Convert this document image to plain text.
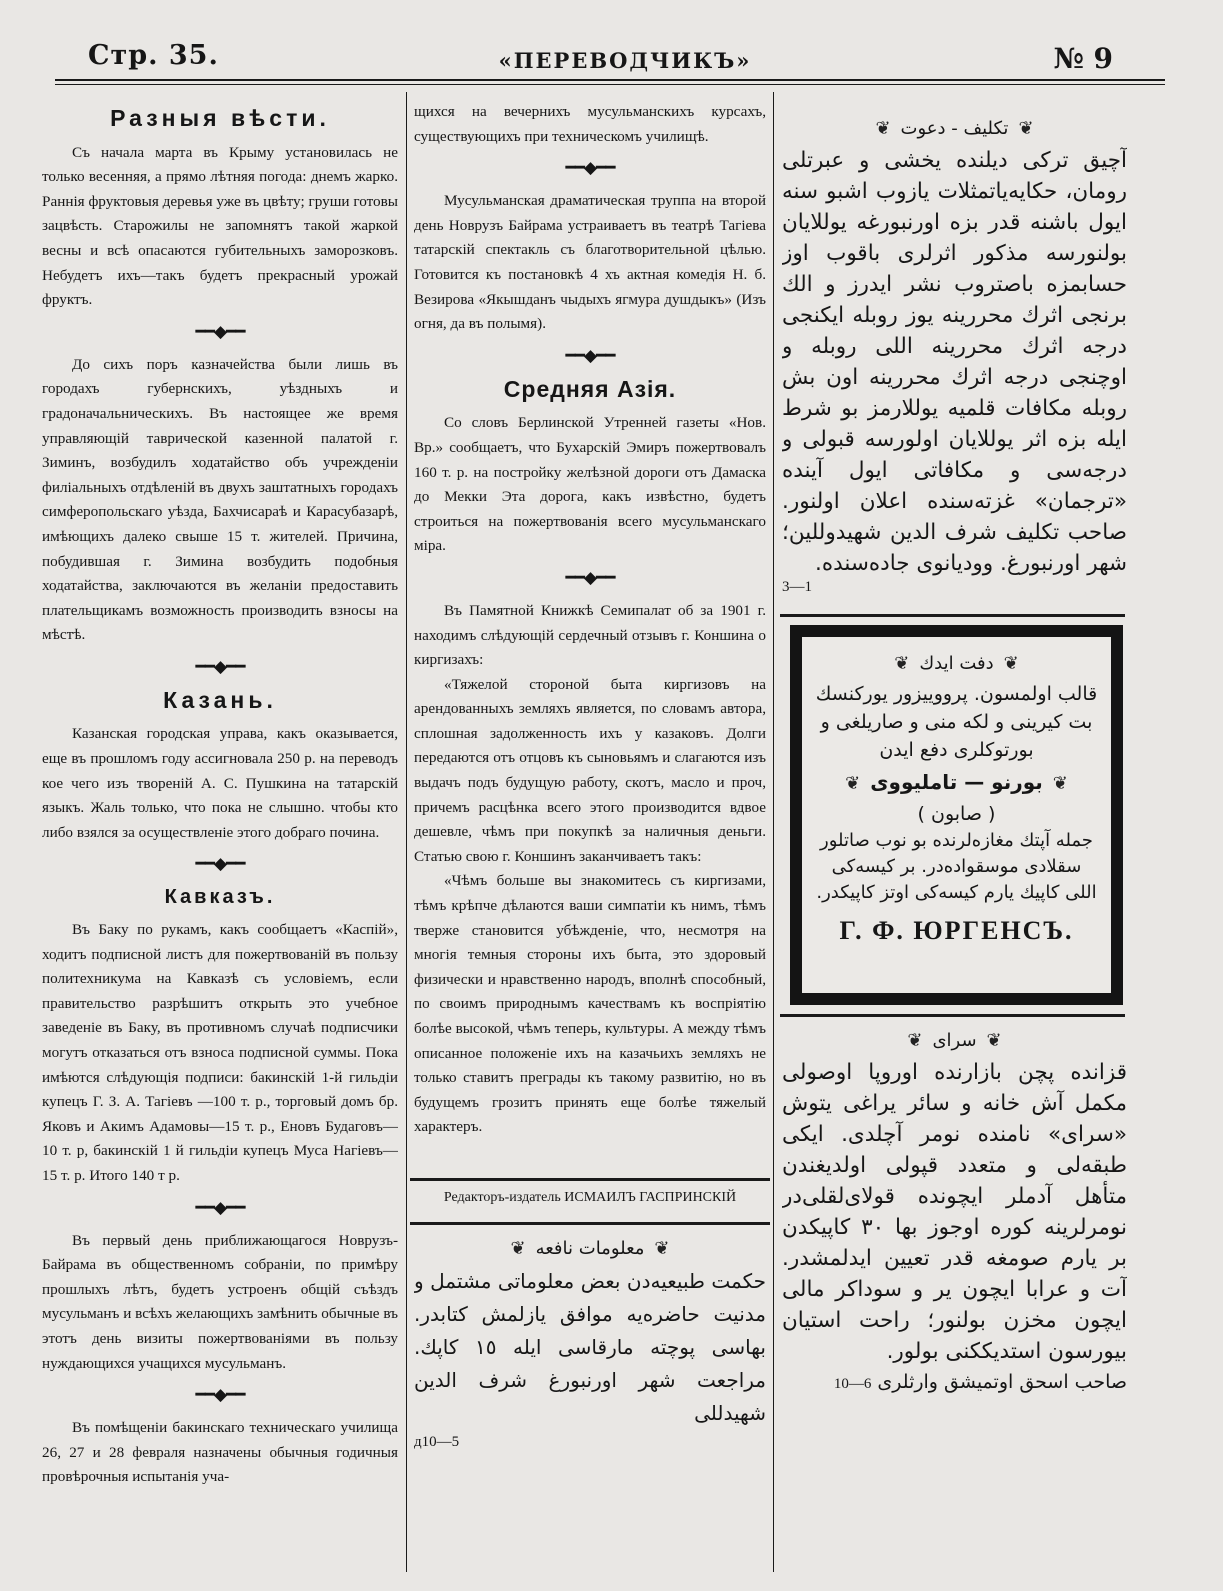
Стр. 35.	«ПЕРЕВОДЧИКЪ»	№ 9
Разныя вѣсти.

Съ начала марта въ Крыму установилась не только весенняя, а прямо лѣтняя погода: днемъ жарко. Раннія фруктовыя деревья уже въ цвѣту; груши готовы зацвѣсть. Старожилы не запомнятъ такой жаркой весны и всѣ опасаются губительныхъ заморозковъ. Небудетъ ихъ—такъ будетъ прекрасный урожай фруктъ.

━━◆━━

До сихъ поръ казначейства были лишь въ городахъ губернскихъ, уѣздныхъ и градоначальническихъ. Въ настоящее же время управляющій таврической казенной палатой г. Зиминъ, возбудилъ ходатайство объ учрежденіи филіальныхъ отдѣленій въ двухъ заштатныхъ городахъ симферопольскаго уѣзда, Бахчисараѣ и Карасубазарѣ, имѣющихъ далеко свыше 15 т. жителей. Причина, побудившая г. Зимина возбудить подобныя ходатайства, заключаются въ желаніи предоставить плательщикамъ возможность производить взносы на мѣстѣ.

━━◆━━
Казань.

Казанская городская управа, какъ оказывается, еще въ прошломъ году ассигновала 250 р. на переводъ кое чего изъ твореній А. С. Пушкина на татарскій языкъ. Жаль только, что пока не слышно. чтобы кто либо взялся за осуществленіе этого добраго почина.

━━◆━━
Кавказъ.

Въ Баку по рукамъ, какъ сообщаетъ «Каспій», ходитъ подписной листъ для пожертвованій въ пользу политехникума на Кавказѣ съ условіемъ, если правительство разрѣшитъ открыть это учебное заведеніе въ Баку, въ противномъ случаѣ подписчики могутъ отказаться отъ взноса подписной суммы. Пока имѣются слѣдующія подписи: бакинскій 1-й гильдіи купецъ Г. З. А. Тагіевъ —100 т. р., торговый домъ бр. Яковъ и Акимъ Адамовы—15 т. р., Еновъ Будаговъ—10 т. р, бакинскій 1 й гильдіи купецъ Муса Нагіевъ—15 т. р. Итого 140 т р.

━━◆━━

Въ первый день приближающагося Новрузъ-Байрама въ общественномъ собраніи, по примѣру прошлыхъ лѣтъ, будетъ устроенъ общій съѣздъ мусульманъ и всѣхъ желающихъ замѣнить обычные въ этотъ день визиты пожертвованіями въ пользу нуждающихся учащихся мусульманъ.

━━◆━━

Въ помѣщеніи бакинскаго техническаго училища 26, 27 и 28 февраля назначены обычныя годичныя провѣрочныя испытанія уча-

щихся на вечернихъ мусульманскихъ курсахъ, существующихъ при техническомъ училищѣ.

━━◆━━

Мусульманская драматическая труппа на второй день Новрузъ Байрама устраиваетъ въ театрѣ Тагіева татарскій спектакль съ благотворительной цѣлью. Готовится къ постановкѣ 4 хъ актная комедія Н. б. Везирова «Якышданъ чыдыхъ ягмура душдыкъ» (Изъ огня, да въ полымя).

━━◆━━
Средняя Азія.

Со словъ Берлинской Утренней газеты «Нов. Вр.» сообщаетъ, что Бухарскій Эмиръ пожертвовалъ 160 т. р. на постройку желѣзной дороги отъ Дамаска до Мекки Эта дорога, какъ извѣстно, будетъ строиться на пожертвованія всего мусульманскаго міра.

━━◆━━

Въ Памятной Книжкѣ Семипалат об за 1901 г. находимъ слѣдующій сердечный отзывъ г. Коншина о киргизахъ:

«Тяжелой стороной быта киргизовъ на арендованныхъ земляхъ является, по словамъ автора, сплошная задолженность ихъ у казаковъ. Долги передаются отъ отцовъ къ сыновьямъ и слагаются изъ выдачъ подъ будущую работу, скотъ, масло и проч, причемъ расцѣнка всего этого производится вдвое дешевле, чѣмъ при покупкѣ за наличныя деньги. Статью свою г. Коншинъ заканчиваетъ такъ:

«Чѣмъ больше вы знакомитесь съ киргизами, тѣмъ крѣпче дѣлаются ваши симпатіи къ нимъ, тѣмъ тверже становится убѣжденіе, что, несмотря на многія темныя стороны ихъ быта, это здоровый физически и нравственно народъ, вполнѣ способный, по своимъ природнымъ качествамъ къ воспріятію болѣе высокой, чѣмъ теперь, культуры. А между тѣмъ описанное положеніе ихъ на казачьихъ земляхъ не только ставитъ преграды къ такому развитію, но въ будущемъ грозитъ принять еще болѣе тяжелый характеръ.

Редакторъ-издатель ИСМАИЛЪ ГАСПРИНСКІЙ

❦معلومات نافعه❦
حکمت طبیعیه‌دن بعض معلوماتی مشتمل و مدنیت حاضره‌یه موافق یازلمش کتابدر. بهاسی پوچته مارقاسی ایله ١٥ کاپك. مراجعت شهر اورنبورغ شرف الدین شهیدللی
д10—5
❦تکلیف - دعوت❦
آچیق ترکی دیلنده یخشی و عبرتلی رومان، حکایه‌یاتمثلات یازوب اشبو سنه ایول باشنه قدر بزه ‌اورنبورغه یوللایان بولنورسه مذکور اثرلری باقوب اوز حسابمزه باصتروب نشر ایدرز و الك برنجی اثرك محررینه یوز روبله ایکنجی درجه اثرك محررینه اللی روبله و اوچنجی درجه اثرك محررینه اون بش روبله مکافات قلمیه یوللارمز بو شرط ایله بزه اثر یوللایان اولورسه قبولی و درجه‌سی و مکافاتی ایول آینده «ترجمان» غزته‌سنده اعلان اولنور. صاحب تکلیف شرف الدین شهیدوللین؛ شهر اورنبورغ. وودیانوی جاده‌سنده.
3—1
❦دفت ایدك❦
قالب اولمسون. پرووییزور یورکنسك بت کیرینی و لکه منی و صاریلغی و بورتوکلری دفع ایدن
❦بورنو — تاملیووی❦
( صابون )
جمله آپتك مغازه‌لرنده بو نوب صاتلور سقلادی موسقواده‌در. بر کیسه‌کی اللی کاپیك یارم کیسه‌کی اوتز کاپیکدر.
Г. Ф. ЮРГЕНСЪ.
❦سرای❦
قزانده پچن بازارنده اوروپا اوصولی مکمل آش خانه و سائر یراغی یتوش «سرای» نامنده نومر آچلدی. ایکی طبقه‌لی و متعدد قپولی اولدیغندن متأهل آدملر ایچوندە قولای‌لقلی‌در نومرلرینه کوره اوجوز بها ٣٠ کاپیکدن بر یارم صومغه قدر تعیین ایدلمشدر. آت و عرابا ایچون یر و سوداکر مالی ایچون مخزن بولنور؛ راحت استیان بیورسون استدیککنی بولور.
صاحب اسحق اوتمیشق وارثلری 6—10
